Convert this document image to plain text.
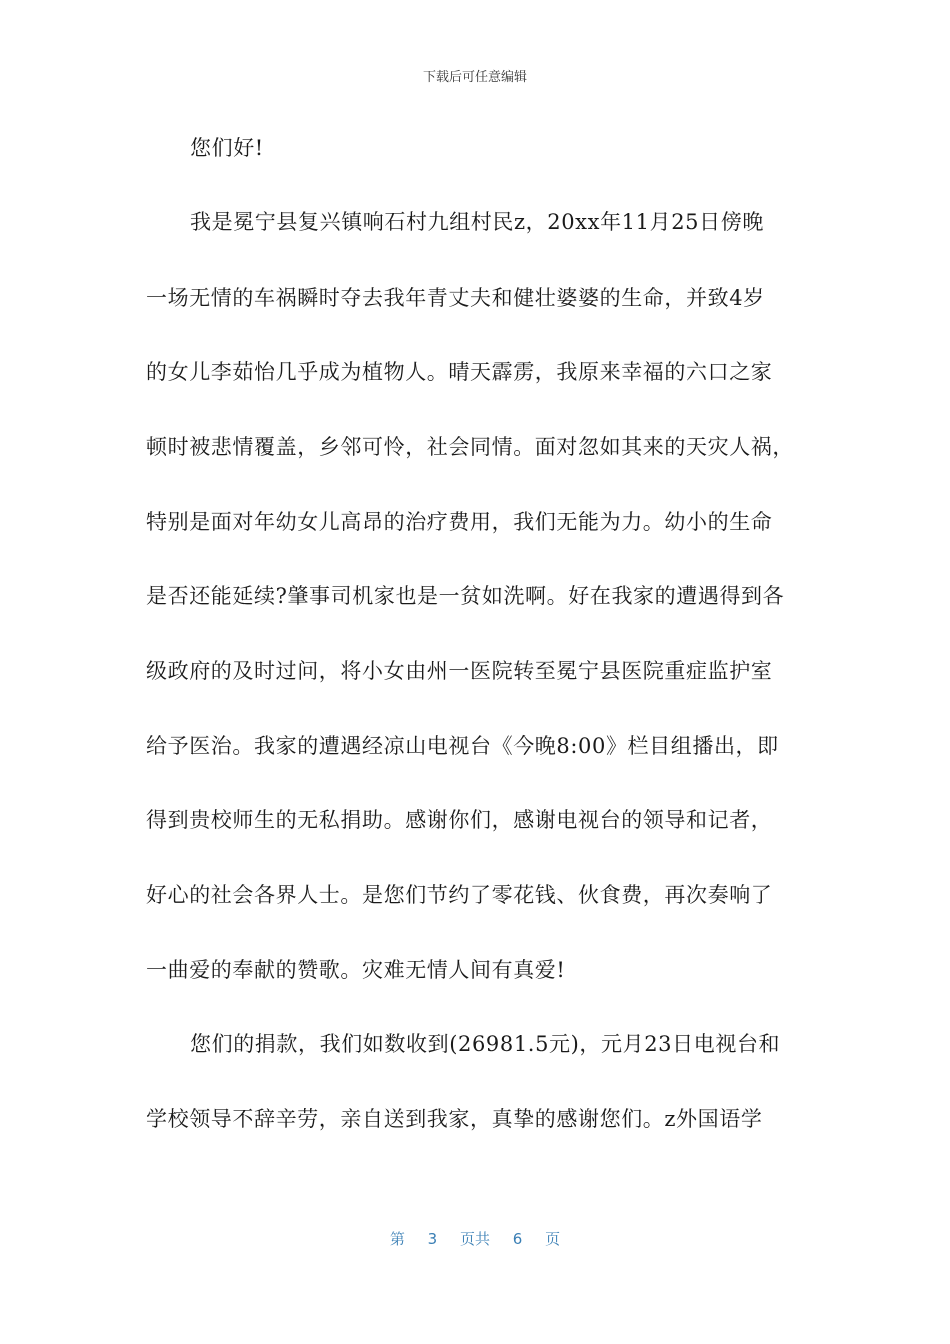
下载后可任意编辑
您们好!
我是冕宁县复兴镇响石村九组村民z，20xx年11月25日傍晚
一场无情的车祸瞬时夺去我年青丈夫和健壮婆婆的生命，并致4岁
的女儿李茹怡几乎成为植物人。晴天霹雳，我原来幸福的六口之家
顿时被悲情覆盖，乡邻可怜，社会同情。面对忽如其来的天灾人祸，
特别是面对年幼女儿高昂的治疗费用，我们无能为力。幼小的生命
是否还能延续?肇事司机家也是一贫如洗啊。好在我家的遭遇得到各
级政府的及时过问，将小女由州一医院转至冕宁县医院重症监护室
给予医治。我家的遭遇经凉山电视台《今晚8:00》栏目组播出，即
得到贵校师生的无私捐助。感谢你们，感谢电视台的领导和记者，
好心的社会各界人士。是您们节约了零花钱、伙食费，再次奏响了
一曲爱的奉献的赞歌。灾难无情人间有真爱!
您们的捐款，我们如数收到(26981.5元)，元月23日电视台和
学校领导不辞辛劳，亲自送到我家，真挚的感谢您们。z外国语学
第 3 页共 6 页
